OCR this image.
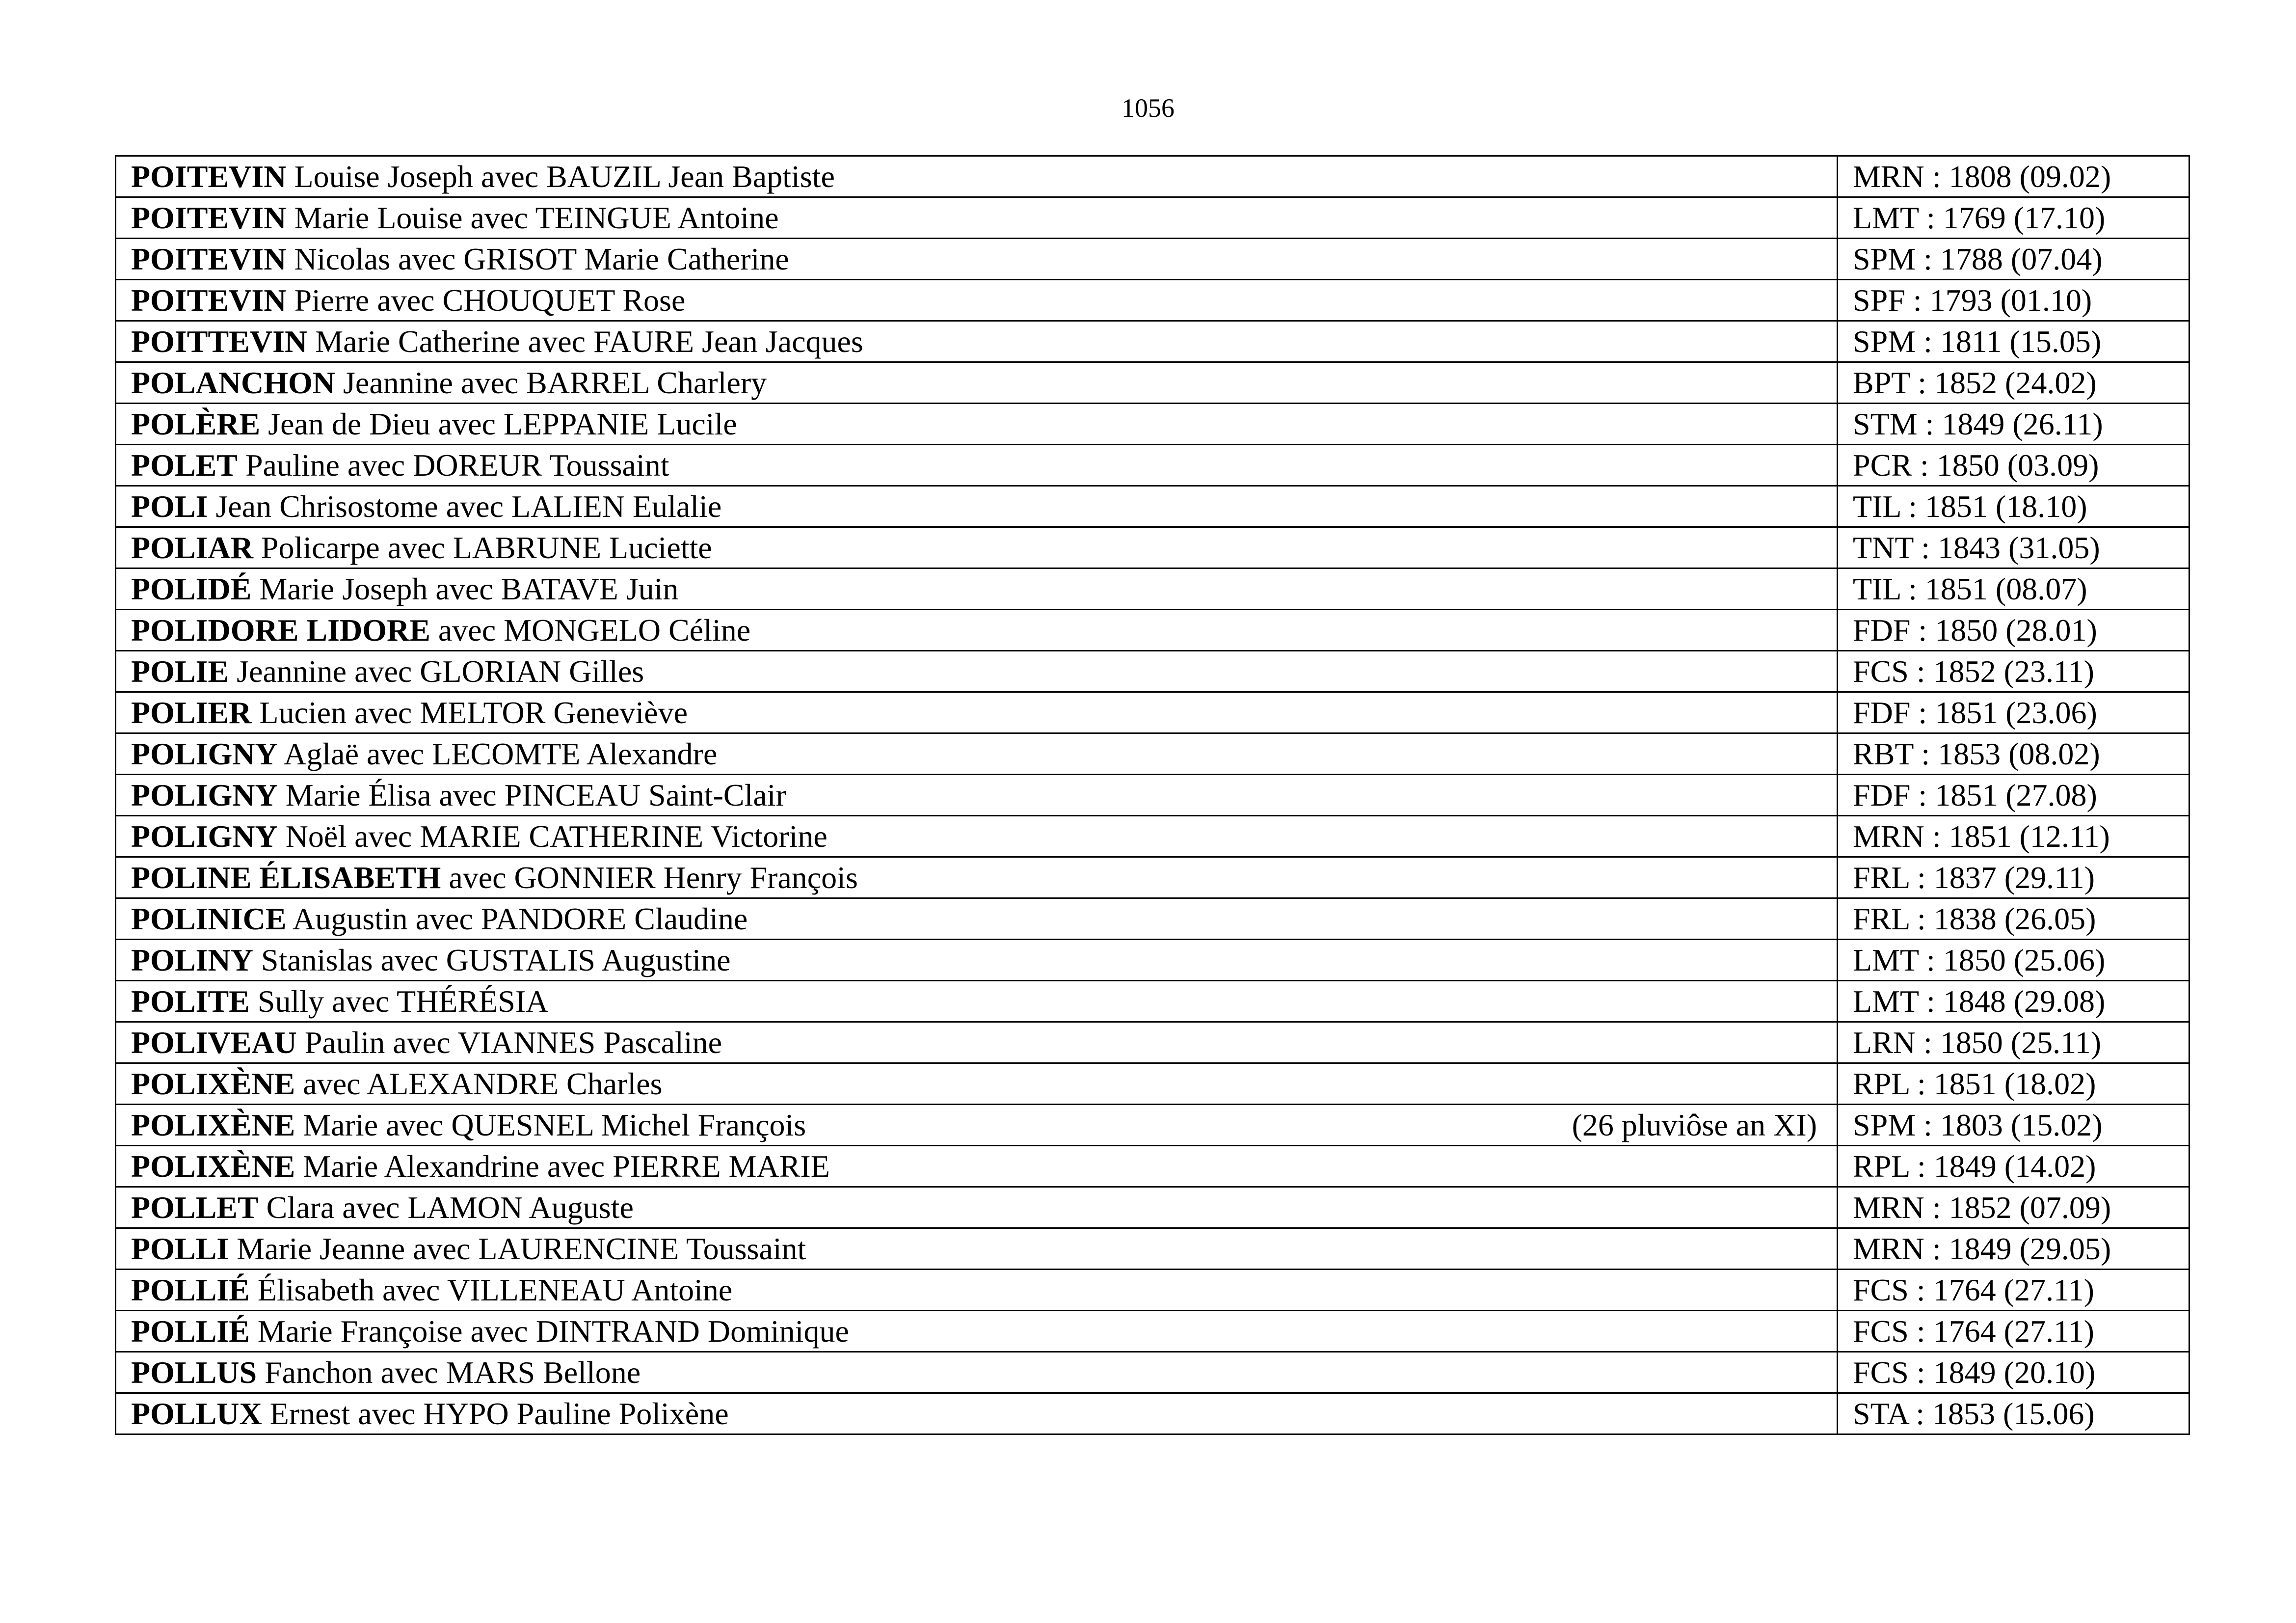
1056
POITEVIN Louise Joseph avec BAUZIL Jean Baptiste	MRN : 1808 (09.02)

POITEVIN Marie Louise avec TEINGUE Antoine	LMT : 1769 (17.10)

POITEVIN Nicolas avec GRISOT Marie Catherine	SPM : 1788 (07.04)

POITEVIN Pierre avec CHOUQUET Rose	SPF : 1793 (01.10)

POITTEVIN Marie Catherine avec FAURE Jean Jacques	SPM : 1811 (15.05)

POLANCHON Jeannine avec BARREL Charlery	BPT : 1852 (24.02)

POLÈRE Jean de Dieu avec LEPPANIE Lucile	STM : 1849 (26.11)

POLET Pauline avec DOREUR Toussaint	PCR : 1850 (03.09)

POLI Jean Chrisostome avec LALIEN Eulalie	TIL : 1851 (18.10)

POLIAR Policarpe avec LABRUNE Luciette	TNT : 1843 (31.05)

POLIDÉ Marie Joseph avec BATAVE Juin	TIL : 1851 (08.07)

POLIDORE LIDORE avec MONGELO Céline	FDF : 1850 (28.01)

POLIE Jeannine avec GLORIAN Gilles	FCS : 1852 (23.11)

POLIER Lucien avec MELTOR Geneviève	FDF : 1851 (23.06)

POLIGNY Aglaë avec LECOMTE Alexandre	RBT : 1853 (08.02)

POLIGNY Marie Élisa avec PINCEAU Saint-Clair	FDF : 1851 (27.08)

POLIGNY Noël avec MARIE CATHERINE Victorine	MRN : 1851 (12.11)

POLINE ÉLISABETH avec GONNIER Henry François	FRL : 1837 (29.11)

POLINICE Augustin avec PANDORE Claudine	FRL : 1838 (26.05)

POLINY Stanislas avec GUSTALIS Augustine	LMT : 1850 (25.06)

POLITE Sully avec THÉRÉSIA	LMT : 1848 (29.08)

POLIVEAU Paulin avec VIANNES Pascaline	LRN : 1850 (25.11)

POLIXÈNE avec ALEXANDRE Charles	RPL : 1851 (18.02)

POLIXÈNE Marie avec QUESNEL Michel François (26 pluviôse an XI)	SPM : 1803 (15.02)

POLIXÈNE Marie Alexandrine avec PIERRE MARIE	RPL : 1849 (14.02)

POLLET Clara avec LAMON Auguste	MRN : 1852 (07.09)

POLLI Marie Jeanne avec LAURENCINE Toussaint	MRN : 1849 (29.05)

POLLIÉ Élisabeth avec VILLENEAU Antoine	FCS : 1764 (27.11)

POLLIÉ Marie Françoise avec DINTRAND Dominique	FCS : 1764 (27.11)

POLLUS Fanchon avec MARS Bellone	FCS : 1849 (20.10)

POLLUX Ernest avec HYPO Pauline Polixène	STA : 1853 (15.06)
